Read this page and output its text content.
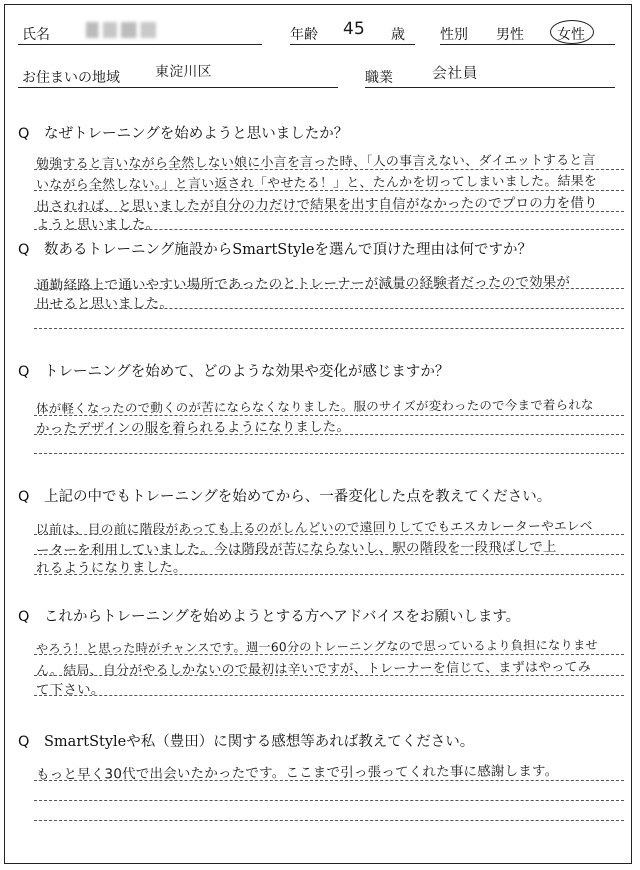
氏名	年齢 45 歳	性別 男性 女性
お住まいの地域 東淀川区	職業	会社員
Q なぜトレーニングを始めようと思いましたか？
勉強すると言いながら全然しない娘に小言を言った時、「人の事言えない、ダイエットすると言
いながら全然しない。」と言い返され「やせたる！」と、たんかを切ってしまいました。結果を
出されれば、と思いましたが自分の力だけで結果を出す自信がなかったのでプロの力を借り
ようと思いました。
Q 数あるトレーニング施設からSmartStyleを選んで頂けた理由は何ですか？
通勤経路上で通いやすい場所であったのとトレーナーが減量の経験者だったので効果が
出せると思いました。
Q トレーニングを始めて、どのような効果や変化が感じますか？
体が軽くなったので動くのが苦にならなくなりました。服のサイズが変わったので今まで着られな
かったデザインの服を着られるようになりました。
Q 上記の中でもトレーニングを始めてから、一番変化した点を教えてください。
以前は、目の前に階段があっても上るのがしんどいので遠回りしてでもエスカレーターやエレベ
ーターを利用していました。今は階段が苦にならないし、駅の階段を一段飛ばしで上
れるようになりました。
Q これからトレーニングを始めようとする方へアドバイスをお願いします。
やろう！と思った時がチャンスです。週一60分のトレーニングなので思っているより負担になりませ
ん。結局、自分がやるしかないので最初は辛いですが、トレーナーを信じて、まずはやってみ
て下さい。
Q SmartStyleや私（豊田）に関する感想等あれば教えてください。
もっと早く30代で出会いたかったです。ここまで引っ張ってくれた事に感謝します。
